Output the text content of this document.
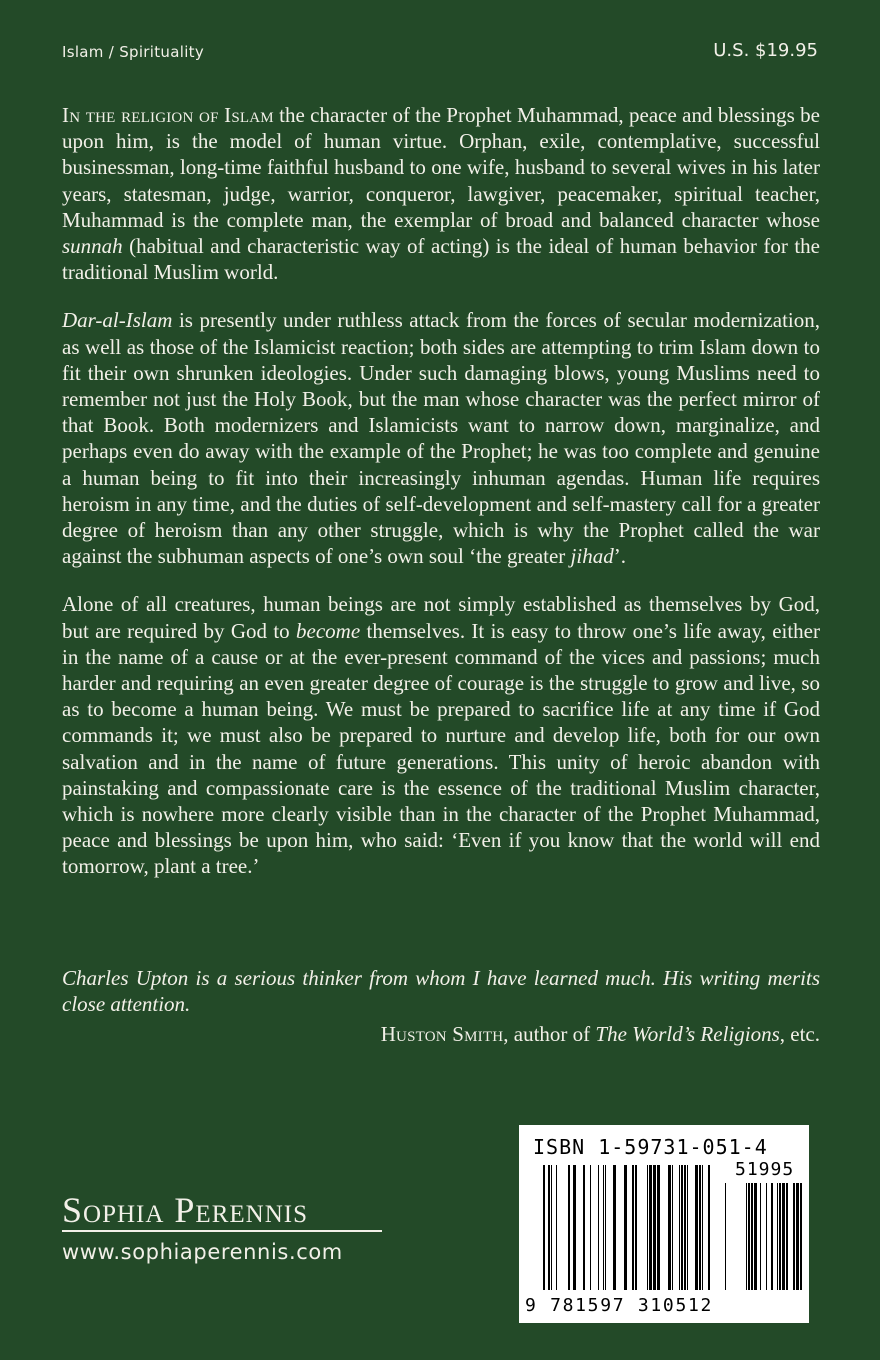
Islam / Spirituality	U.S. $19.95

In the religion of Islam the character of the Prophet Muhammad, peace and blessings be upon him, is the model of human virtue. Orphan, exile, contemplative, successful businessman, long-time faithful husband to one wife, husband to several wives in his later years, statesman, judge, warrior, conqueror, lawgiver, peacemaker, spiritual teacher, Muhammad is the complete man, the exemplar of broad and balanced character whose sunnah (habitual and characteristic way of acting) is the ideal of human behavior for the traditional Muslim world.

Dar-al-Islam is presently under ruthless attack from the forces of secular modernization, as well as those of the Islamicist reaction; both sides are attempting to trim Islam down to fit their own shrunken ideologies. Under such damaging blows, young Muslims need to remember not just the Holy Book, but the man whose character was the perfect mirror of that Book. Both modernizers and Islamicists want to narrow down, marginalize, and perhaps even do away with the example of the Prophet; he was too complete and genuine a human being to fit into their increasingly inhuman agendas. Human life requires heroism in any time, and the duties of self-development and self-mastery call for a greater degree of heroism than any other struggle, which is why the Prophet called the war against the subhuman aspects of one’s own soul ‘the greater jihad’.

Alone of all creatures, human beings are not simply established as themselves by God, but are required by God to become themselves. It is easy to throw one’s life away, either in the name of a cause or at the ever-present command of the vices and passions; much harder and requiring an even greater degree of courage is the struggle to grow and live, so as to become a human being. We must be prepared to sacrifice life at any time if God commands it; we must also be prepared to nurture and develop life, both for our own salvation and in the name of future generations. This unity of heroic abandon with painstaking and compassionate care is the essence of the traditional Muslim character, which is nowhere more clearly visible than in the character of the Prophet Muhammad, peace and blessings be upon him, who said: ‘Even if you know that the world will end tomorrow, plant a tree.’

Charles Upton is a serious thinker from whom I have learned much. His writing merits close attention.

Huston Smith, author of The World’s Religions, etc.

Sophia Perennis
www.sophiaperennis.com
ISBN 1-59731-051-4
51995
9 781597 310512
